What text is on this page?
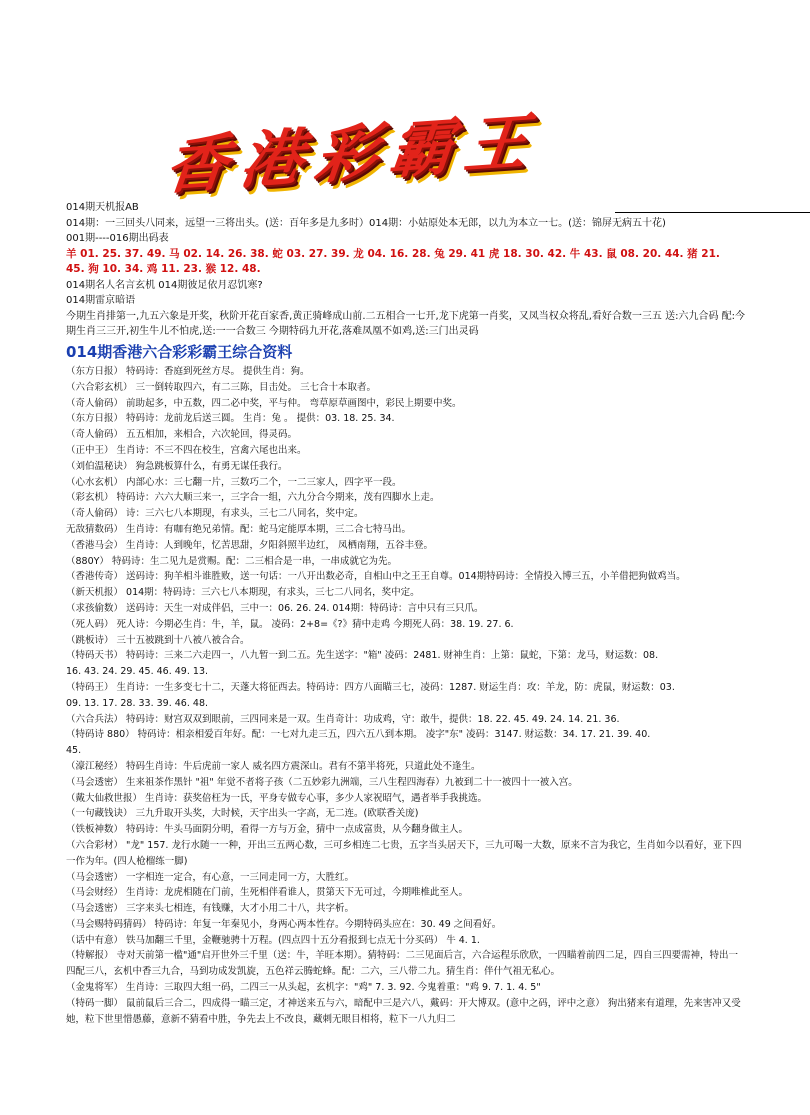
香港彩霸王

014期天机报AB

014期：一三回头八同来，远望一三将出头。(送：百年多是九多时）014期：小姑原处本无郎，以九为本立一七。(送：锦屏无病五十花)

001期----016期出码表

羊 01. 25. 37. 49. 马 02. 14. 26. 38. 蛇 03. 27. 39. 龙 04. 16. 28. 兔 29. 41 虎 18. 30. 42. 牛 43. 鼠 08. 20. 44. 猪 21.

45. 狗 10. 34. 鸡 11. 23. 猴 12. 48.

014期名人名言玄机 014期彼足依月忍饥寒?

014期雷京暗语

今期生肖排第一,九五六象是开奖，秋阶开花百家香,黄正骑峰成山前.二五相合一七开,龙下虎第一肖奖，又凤当权众将乱,看好合数一三五 送:六九合码 配:今期生肖三三开,初生牛儿不怕虎,送:一一合数三 今期特码九开花,落难凤凰不如鸡,送:三门出灵码

014期香港六合彩彩霸王综合资料

（东方日报） 特码诗：香庭到死丝方尽。 提供生肖：狗。

（六合彩玄机） 三一倒转取四六，有二三陈，目击处。 三七合十本取者。

（奇人偷码） 前助起多，中五数，四二必中奖，平与仲。 弯草原草画图中，彩民上期要中奖。

（东方日报） 特码诗：龙前龙后送三圆。 生肖：兔 。 提供：03. 18. 25. 34.

（奇人偷码） 五五相加，来相合，六次轮回，得灵码。

（正中王） 生肖诗：不三不四在校生，宫禽六尾也出来。

（刘伯温秘诀） 狗急跳板算什么，有勇无谋任我行。

（心水玄机） 内部心水：三七翻一片，三数巧二个，一二三家人，四字平一段。

（彩玄机） 特码诗：六六大顺三来一，三字合一组，六九分合今期来，茂有四脚水上走。

（奇人偷码） 诗：三六七八本期现，有求头，三七二八同名，奖中定。

无敌猜数码） 生肖诗：有咖有绝兄弟情。配：蛇马定能厚本期，三二合七特马出。

（香港马会） 生肖诗：人到晚年，忆苦思甜，夕阳斜照半边红， 凤栖南翔，五谷丰登。

（880Y） 特码诗：生二见九是赏赐。配：二三相合是一串，一串成就它为先。

（香港传奇） 送码诗：狗羊相斗谁胜败，送一句话：一八开出数必奇，自相山中之王王自尊。014期特码诗：全情投入博三五，小羊借把狗做鸡当。

（新天机报） 014期：特码诗：三六七八本期现，有求头，三七二八同名，奖中定。

（求孩偷数） 送码诗：天生一对成伴侣，三中一：06. 26. 24. 014期：特码诗：言中只有三只爪。

（死人码） 死人诗：今期必生肖：牛，羊，鼠。 凌码：2+8=《?》猜中走鸡 今期死人码：38. 19. 27. 6.

（跳板诗） 三十五被跳到十八被八被合合。

（特码天书） 特码诗：三来二六走四一，八九暂一到二五。先生送字："箱" 凌码：2481. 财神生肖：上第：鼠蛇，下第：龙马，财运数：08.

16. 43. 24. 29. 45. 46. 49. 13.

（特码王） 生肖诗：一生多变七十二，天蓬大将征西去。特码诗：四方八面瞄三七，凌码：1287. 财运生肖：攻：羊龙，防：虎鼠，财运数：03.

09. 13. 17. 28. 33. 39. 46. 48.

（六合兵法） 特码诗：财宫双双到眼前，三四同来是一双。生肖奇计：功成鸡，守：敢牛，提供：18. 22. 45. 49. 24. 14. 21. 36.

（特码诗 880） 特码诗：相亲相爱百年好。配：一七对九走三五，四六五八到本期。 凌字"东" 凌码：3147. 财运数：34. 17. 21. 39. 40.

45.

（濠江秘经） 特码生肖诗：牛后虎前一家人 威名四方震深山。君有不第半将死，只道此处不逢生。

（马会透密） 生来祖茶作黑针 "祖" 年觉不者将子孩（二五妙彩九洲端，三八生程四海春）九被到二十一被四十一被入宫。

（戴大仙救世报） 生肖诗：获奖倍枉为一氏，平身专做专心事，多少人家祝昭气，遇者举手我挑选。

（一句藏钱诀） 三九升取开头奖，大时候，天宇出头一字高，无二连。(欧联香关庞)

（铁板神数） 特码诗：牛头马面阴分明，看得一方与万金，猜中一点成富贵，从今翻身做主人。

（六合彩材） "龙" 157. 龙行水随一一种，开出三五两心数，三可乡相连二七贵，五字当头居天下，三九可喝一大数，原来不言为我它，生肖如今以看好，亚下四一作为年。(四人枪榴练一脚)

（马会透密） 一字相连一定合，有心意，一三同走同一方，大胜红。

（马会财经） 生肖诗：龙虎相随在门前，生死相伴看谁人，贯第天下无可过，今期唯椎此至人。

（马会透密） 三字来头七相连，有钱赚，大才小用二十八，共字析。

（马会赐特码猜码） 特码诗：年复一年秦见小，身两心两本性存。今期特码头应在：30. 49 之间看好。

（话中有意） 铁马加翻三千里，金鞭驰骋十万程。(四点四十五分看报到七点无十分买码） 牛 4. 1.

（特解报） 寺对天前第一槛"通"启开世外三千里（送：牛，羊旺本期）。猜特码：二三见面后言，六合运程乐欣欣，一四瞄着前四二足，四自三四要需神，特出一四配三八，玄机中香三九合，马到功成发凯旋，五色祥云腾蛇蜂。配：二六，三八带二九。猜生肖：伴什气祖无私心。

（金鬼将军） 生肖诗：三取四大组一码，二四三一从头起，玄机字："鸡" 7. 3. 92. 今鬼着重："鸡 9. 7. 1. 4. 5"

（特码一脚） 鼠前鼠后三合二，四成得一瞄三定，才神送来五与六，暗配中三是六八，戴码：开大博双。(意中之码，评中之意） 狗出猪来有道理，先来害冲又受她，粒下世里惜愚藤，意新不猜看中胜，争先去上不改良，藏刺无眼目相将，粒下一八九归二
